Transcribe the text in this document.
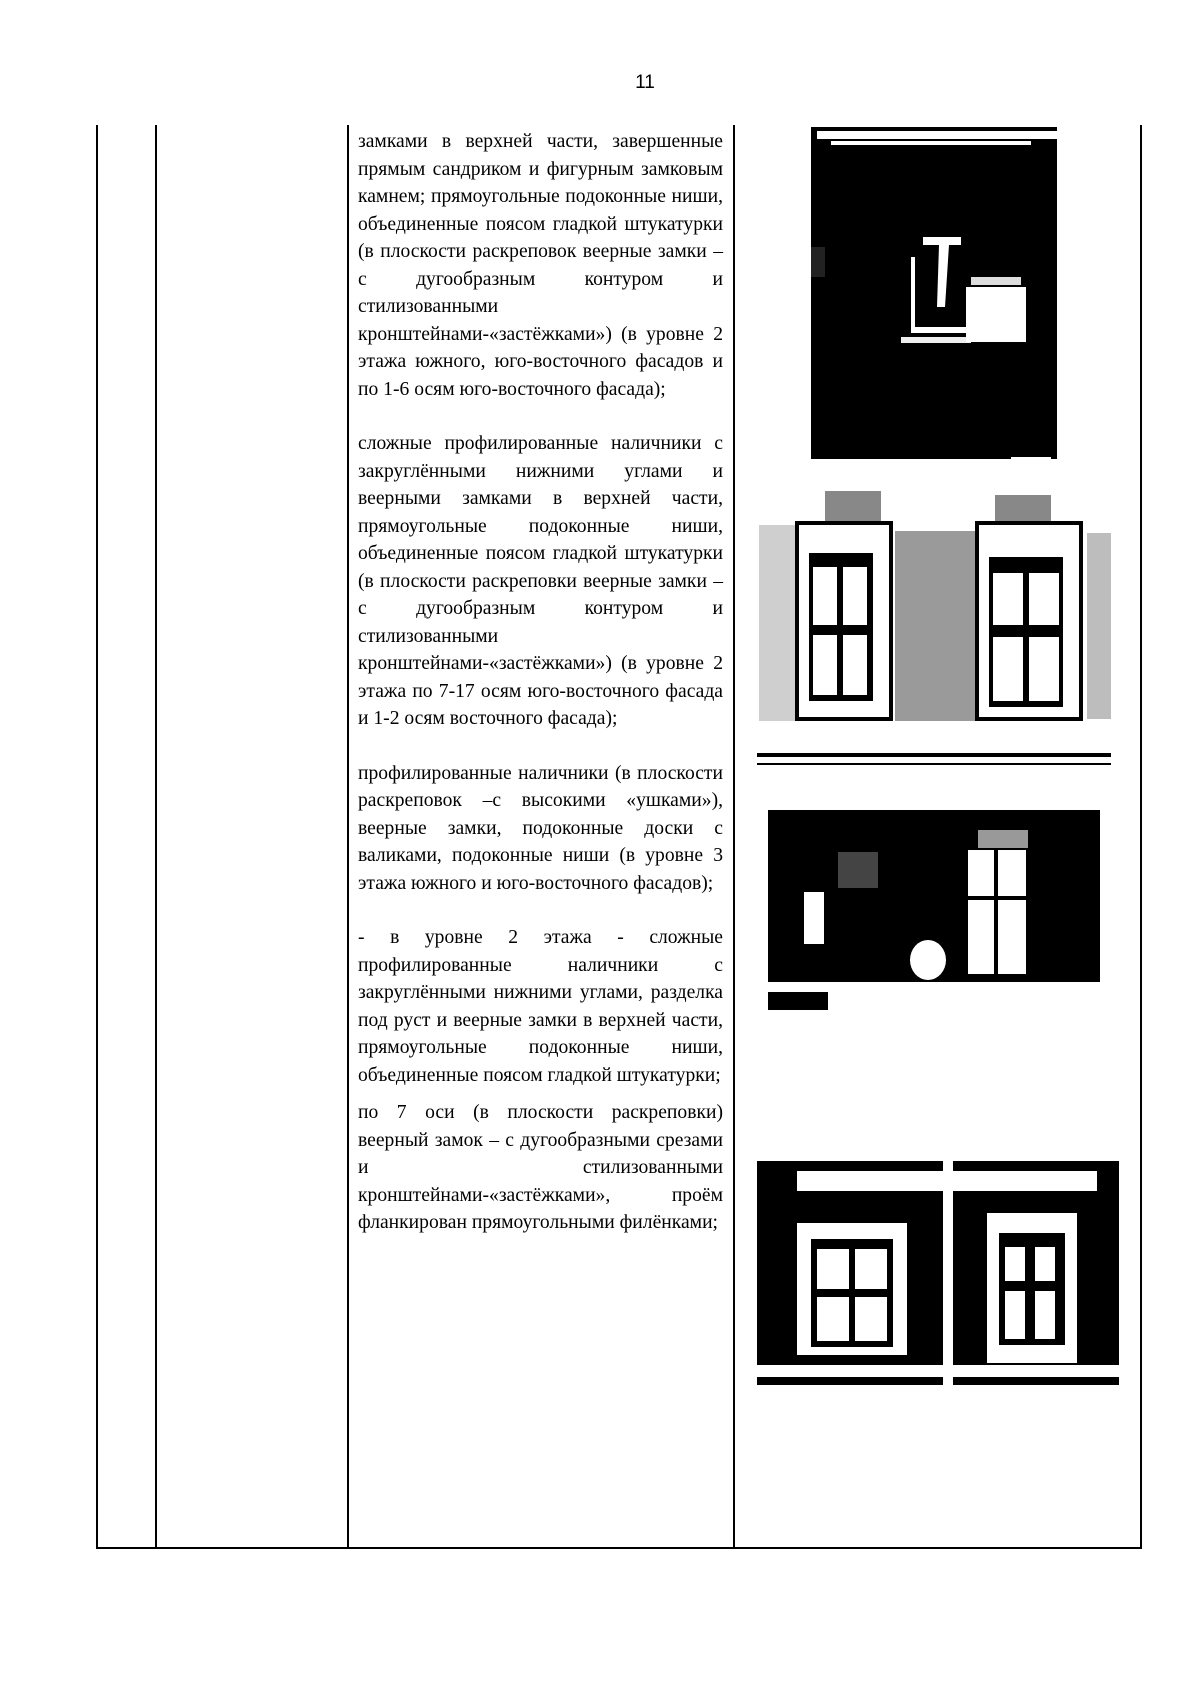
11

замками в верхней части, завершенные прямым сандриком и фигурным замковым камнем; прямоугольные подоконные ниши, объединенные поясом гладкой штукатурки (в плоскости раскреповок веерные замки – с дугообразным контуром и стилизованными кронштейнами-«застёжками») (в уровне 2 этажа южного, юго-восточного фасадов и по 1-6 осям юго-восточного фасада);

сложные профилированные наличники с закруглёнными нижними углами и веерными замками в верхней части, прямоугольные подоконные ниши, объединенные поясом гладкой штукатурки (в плоскости раскреповки веерные замки – с дугообразным контуром и стилизованными кронштейнами-«застёжками») (в уровне 2 этажа по 7-17 осям юго-восточного фасада и 1-2 осям восточного фасада);

профилированные наличники (в плоскости раскреповок –с высокими «ушками»), веерные замки, подоконные доски с валиками, подоконные ниши (в уровне 3 этажа южного и юго-восточного фасадов);

- в уровне 2 этажа - сложные профилированные наличники с закруглёнными нижними углами, разделка под руст и веерные замки в верхней части, прямоугольные подоконные ниши, объединенные поясом гладкой штукатурки;

по 7 оси (в плоскости раскреповки) веерный замок – с дугообразными срезами и стилизованными кронштейнами-«застёжками», проём фланкирован прямоугольными филёнками;
